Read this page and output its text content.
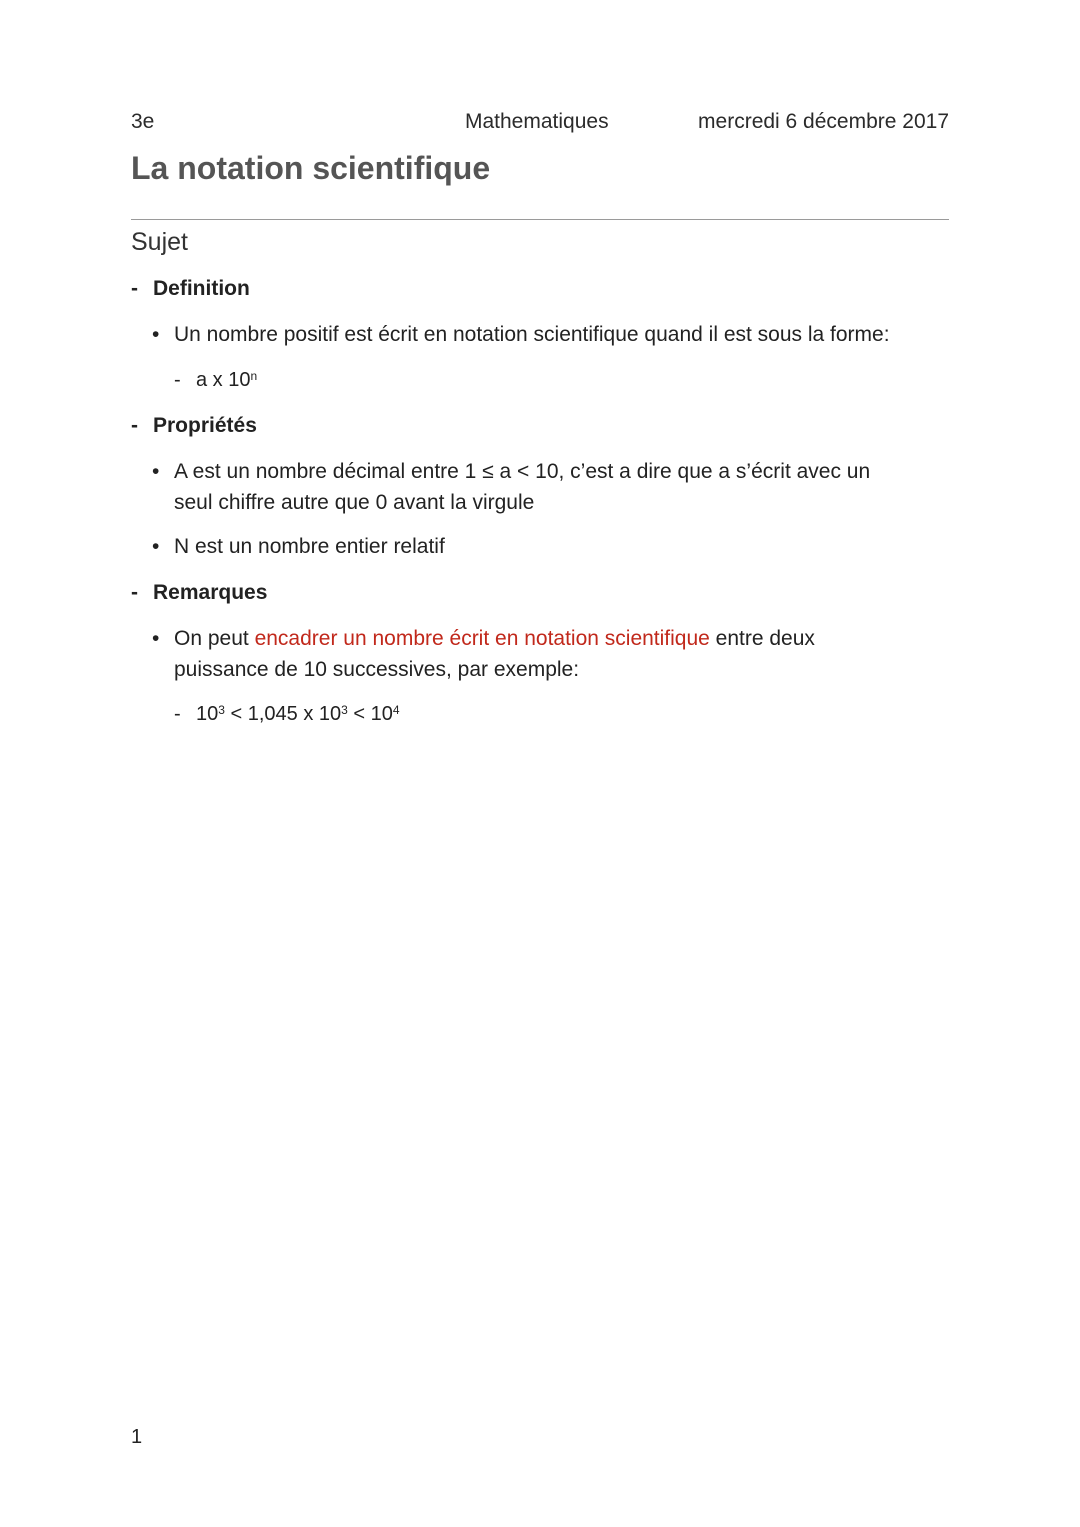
3e	Mathematiques	mercredi 6 décembre 2017
La notation scientifique
Sujet
- Definition
• Un nombre positif est écrit en notation scientifique quand il est sous la forme:
- a x 10$^n$
- Propriétés
• A est un nombre décimal entre 1 ≤ a < 10, c’est a dire que a s’écrit avec un seul chiffre autre que 0 avant la virgule
• N est un nombre entier relatif
- Remarques
• On peut encadrer un nombre écrit en notation scientifique entre deux puissance de 10 successives, par exemple:
- $10^3 < 1,045$ x $10^3 < 10^4$
1
